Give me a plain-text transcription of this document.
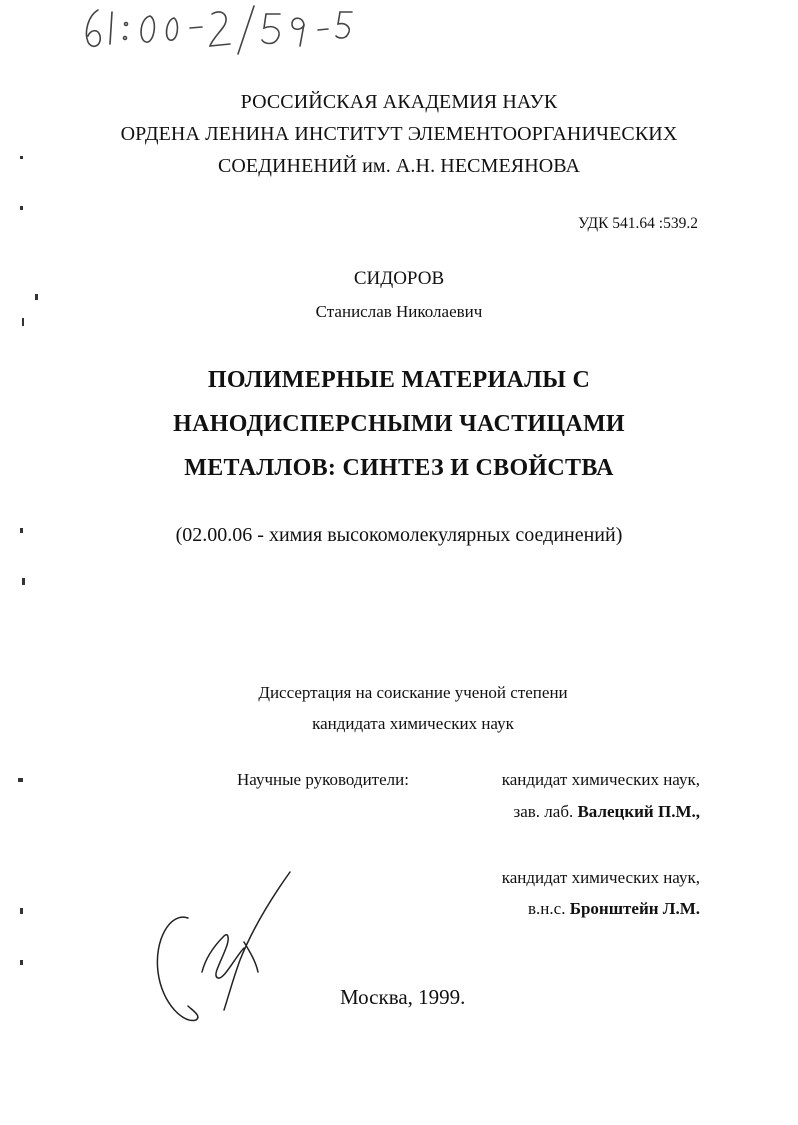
РОССИЙСКАЯ АКАДЕМИЯ НАУК
ОРДЕНА ЛЕНИНА ИНСТИТУТ ЭЛЕМЕНТООРГАНИЧЕСКИХ
СОЕДИНЕНИЙ им. А.Н. НЕСМЕЯНОВА
УДК 541.64 :539.2
СИДОРОВ
Станислав Николаевич
ПОЛИМЕРНЫЕ МАТЕРИАЛЫ С
НАНОДИСПЕРСНЫМИ ЧАСТИЦАМИ
МЕТАЛЛОВ: СИНТЕЗ И СВОЙСТВА
(02.00.06 - химия высокомолекулярных соединений)
Диссертация на соискание ученой степени
кандидата химических наук
Научные руководители:	кандидат химических наук,
зав. лаб. Валецкий П.М.,
кандидат химических наук,
в.н.с. Бронштейн Л.М.
Москва, 1999.
